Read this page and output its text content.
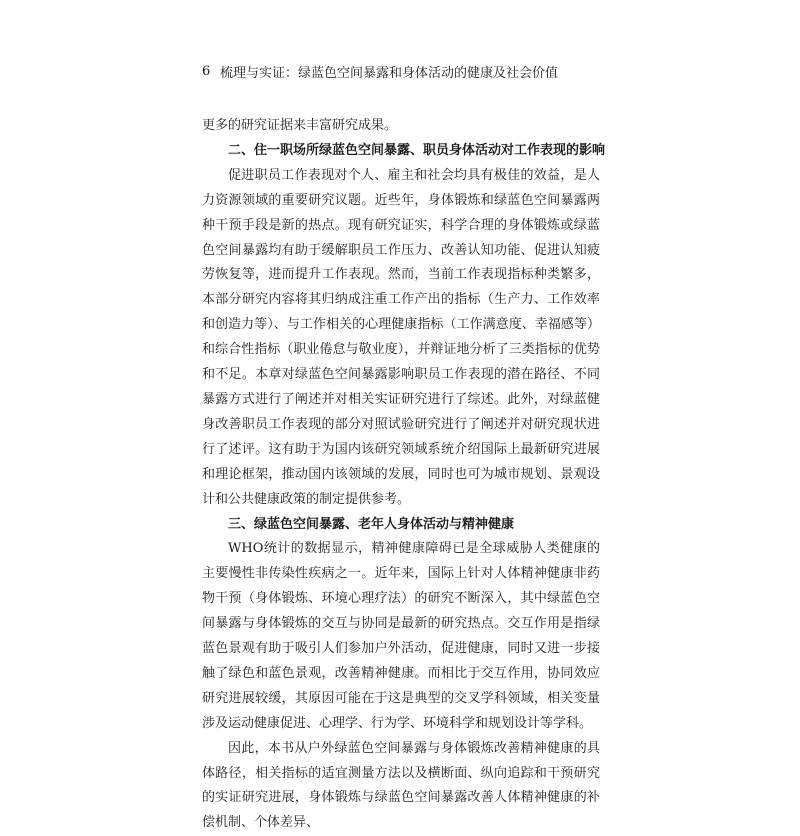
6 梳理与实证：绿蓝色空间暴露和身体活动的健康及社会价值

更多的研究证据来丰富研究成果。

二、住一职场所绿蓝色空间暴露、职员身体活动对工作表现的影响

促进职员工作表现对个人、雇主和社会均具有极佳的效益，是人力资源领域的重要研究议题。近些年，身体锻炼和绿蓝色空间暴露两种干预手段是新的热点。现有研究证实，科学合理的身体锻炼或绿蓝色空间暴露均有助于缓解职员工作压力、改善认知功能、促进认知疲劳恢复等，进而提升工作表现。然而，当前工作表现指标种类繁多，本部分研究内容将其归纳成注重工作产出的指标（生产力、工作效率和创造力等）、与工作相关的心理健康指标（工作满意度、幸福感等）和综合性指标（职业倦怠与敬业度），并辩证地分析了三类指标的优势和不足。本章对绿蓝色空间暴露影响职员工作表现的潜在路径、不同暴露方式进行了阐述并对相关实证研究进行了综述。此外，对绿蓝健身改善职员工作表现的部分对照试验研究进行了阐述并对研究现状进行了述评。这有助于为国内该研究领域系统介绍国际上最新研究进展和理论框架，推动国内该领域的发展，同时也可为城市规划、景观设计和公共健康政策的制定提供参考。

三、绿蓝色空间暴露、老年人身体活动与精神健康

WHO统计的数据显示，精神健康障碍已是全球威胁人类健康的主要慢性非传染性疾病之一。近年来，国际上针对人体精神健康非药物干预（身体锻炼、环境心理疗法）的研究不断深入，其中绿蓝色空间暴露与身体锻炼的交互与协同是最新的研究热点。交互作用是指绿蓝色景观有助于吸引人们参加户外活动，促进健康，同时又进一步接触了绿色和蓝色景观，改善精神健康。而相比于交互作用，协同效应研究进展较缓，其原因可能在于这是典型的交叉学科领域，相关变量涉及运动健康促进、心理学、行为学、环境科学和规划设计等学科。

因此，本书从户外绿蓝色空间暴露与身体锻炼改善精神健康的具体路径，相关指标的适宜测量方法以及横断面、纵向追踪和干预研究的实证研究进展，身体锻炼与绿蓝色空间暴露改善人体精神健康的补偿机制、个体差异、
